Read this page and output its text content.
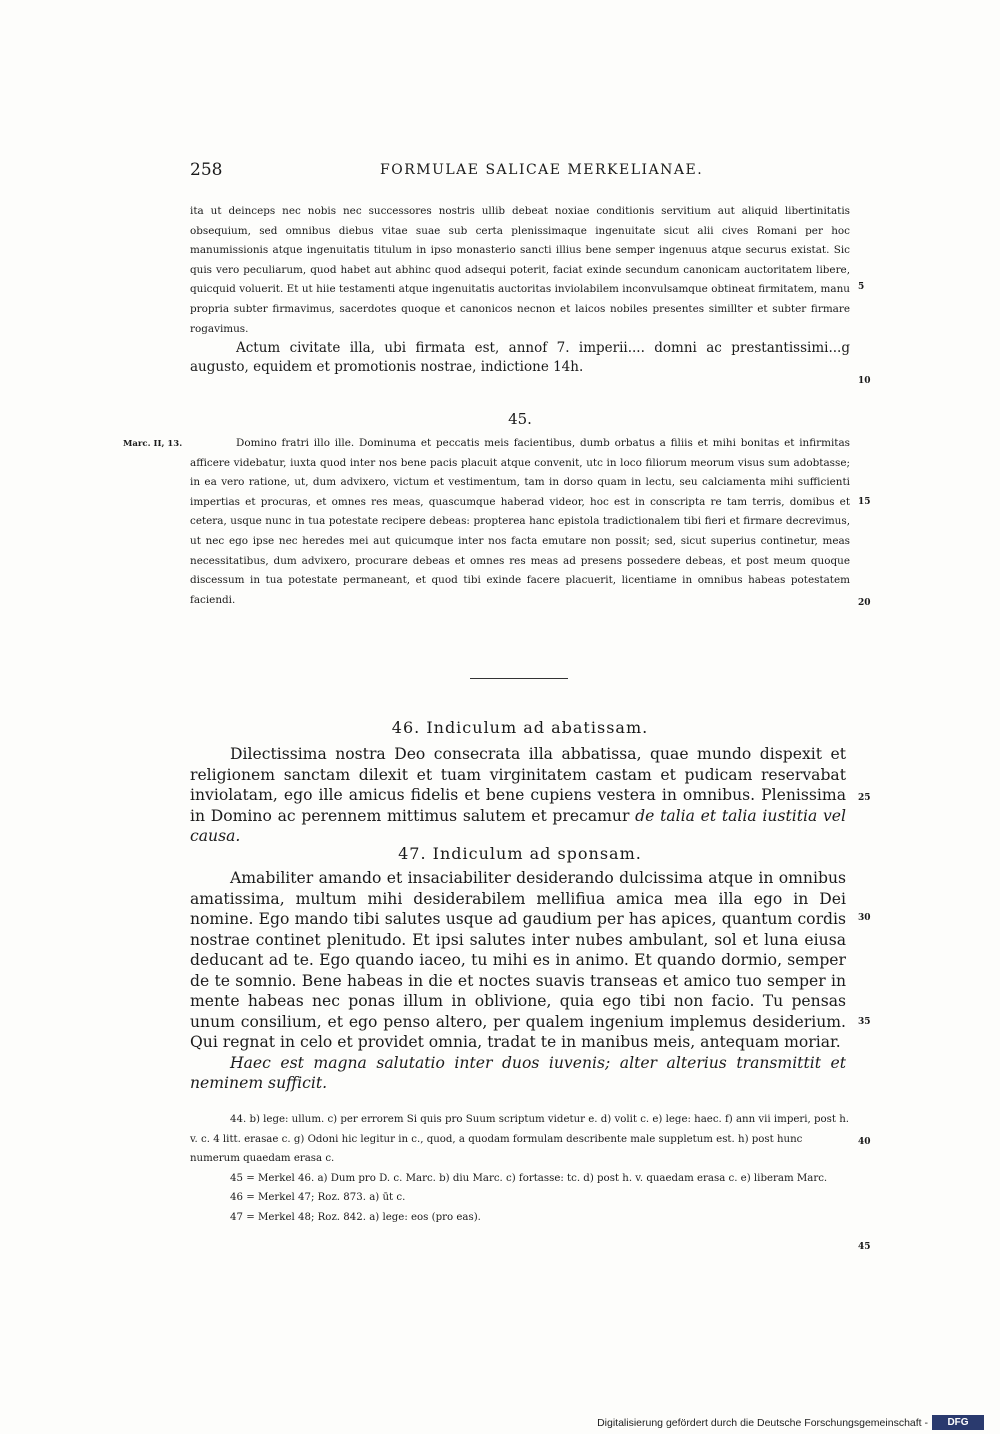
258	FORMULAE SALICAE MERKELIANAE.

ita ut deinceps nec nobis nec successores nostris ullib debeat noxiae conditionis servitium aut aliquid libertinitatis obsequium, sed omnibus diebus vitae suae sub certa plenissimaque ingenuitate sicut alii cives Romani per hoc manumissionis atque ingenuitatis titulum in ipso monasterio sancti illius bene semper ingenuus atque securus existat. Sic quis vero peculiarum, quod habet aut abhinc quod adsequi poterit, faciat exinde secundum canonicam auctoritatem libere, quicquid voluerit. Et ut hiie testamenti atque ingenuitatis auctoritas inviolabilem inconvulsamque obtineat firmitatem, manu propria subter firmavimus, sacerdotes quoque et canonicos necnon et laicos nobiles presentes simillter et subter firmare rogavimus.

Actum civitate illa, ubi firmata est, annof 7. imperii.... domni ac prestantissimi...g augusto, equidem et promotionis nostrae, indictione 14h.

5
10
15
20
25
30
35
40
45
45.
Marc. II, 13.	Domino fratri illo ille. Dominuma et peccatis meis facientibus, dumb orbatus a filiis et mihi bonitas et infirmitas afficere videbatur, iuxta quod inter nos bene pacis placuit atque convenit, utc in loco filiorum meorum visus sum adobtasse; in ea vero ratione, ut, dum advixero, victum et vestimentum, tam in dorso quam in lectu, seu calciamenta mihi sufficienti impertias et procuras, et omnes res meas, quascumque haberad videor, hoc est in conscripta re tam terris, domibus et cetera, usque nunc in tua potestate recipere debeas: propterea hanc epistola tradictionalem tibi fieri et firmare decrevimus, ut nec ego ipse nec heredes mei aut quicumque inter nos facta emutare non possit; sed, sicut superius continetur, meas necessitatibus, dum advixero, procurare debeas et omnes res meas ad presens possedere debeas, et post meum quoque discessum in tua potestate permaneant, et quod tibi exinde facere placuerit, licentiame in omnibus habeas potestatem faciendi.

46. Indiculum ad abatissam.

Dilectissima nostra Deo consecrata illa abbatissa, quae mundo dispexit et religionem sanctam dilexit et tuam virginitatem castam et pudicam reservabat inviolatam, ego ille amicus fidelis et bene cupiens vestera in omnibus. Plenissima in Domino ac perennem mittimus salutem et precamur de talia et talia iustitia vel causa.

47. Indiculum ad sponsam.

Amabiliter amando et insaciabiliter desiderando dulcissima atque in omnibus amatissima, multum mihi desiderabilem mellifiua amica mea illa ego in Dei nomine. Ego mando tibi salutes usque ad gaudium per has apices, quantum cordis nostrae continet plenitudo. Et ipsi salutes inter nubes ambulant, sol et luna eiusa deducant ad te. Ego quando iaceo, tu mihi es in animo. Et quando dormio, semper de te somnio. Bene habeas in die et noctes suavis transeas et amico tuo semper in mente habeas nec ponas illum in oblivione, quia ego tibi non facio. Tu pensas unum consilium, et ego penso altero, per qualem ingenium implemus desiderium. Qui regnat in celo et providet omnia, tradat te in manibus meis, antequam moriar.

Haec est magna salutatio inter duos iuvenis; alter alterius transmittit et neminem sufficit.

44. b) lege: ullum. c) per errorem Si quis pro Suum scriptum videtur e. d) volit c. e) lege: haec. f) ann vii imperi, post h. v. c. 4 litt. erasae c. g) Odoni hic legitur in c., quod, a quodam formulam describente male suppletum est. h) post hunc numerum quaedam erasa c.

45 = Merkel 46. a) Dum pro D. c. Marc. b) diu Marc. c) fortasse: tc. d) post h. v. quaedam erasa c. e) liberam Marc.

46 = Merkel 47; Roz. 873. a) ūt c.

47 = Merkel 48; Roz. 842. a) lege: eos (pro eas).

Digitalisierung gefördert durch die Deutsche Forschungsgemeinschaft -	DFG
